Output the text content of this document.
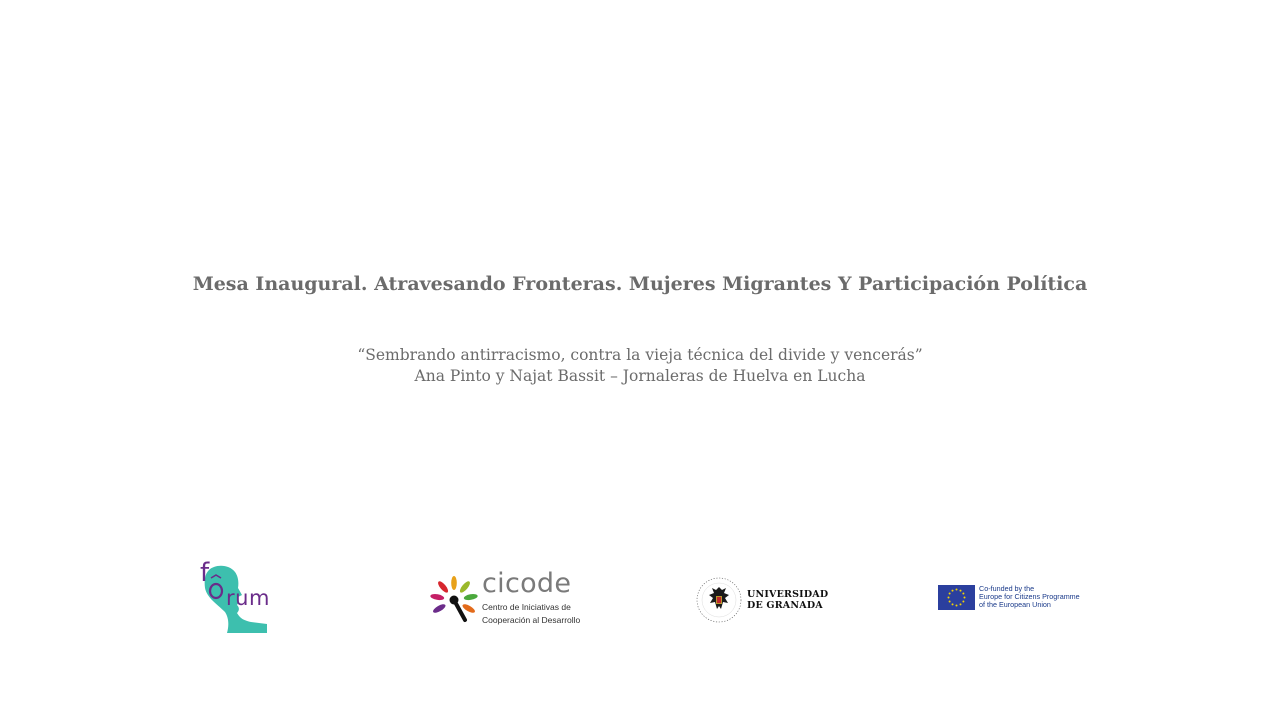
Mesa Inaugural. Atravesando Fronteras. Mujeres Migrantes Y Participación Política
“Sembrando antirracismo, contra la vieja técnica del divide y vencerás”
Ana Pinto y Najat Bassit – Jornaleras de Huelva en Lucha
f
rum	cicode
Centro de Iniciativas de
Cooperación al Desarrollo
UNIVERSIDAD
DE GRANADA
Co-funded by the
Europe for Citizens Programme
of the European Union
